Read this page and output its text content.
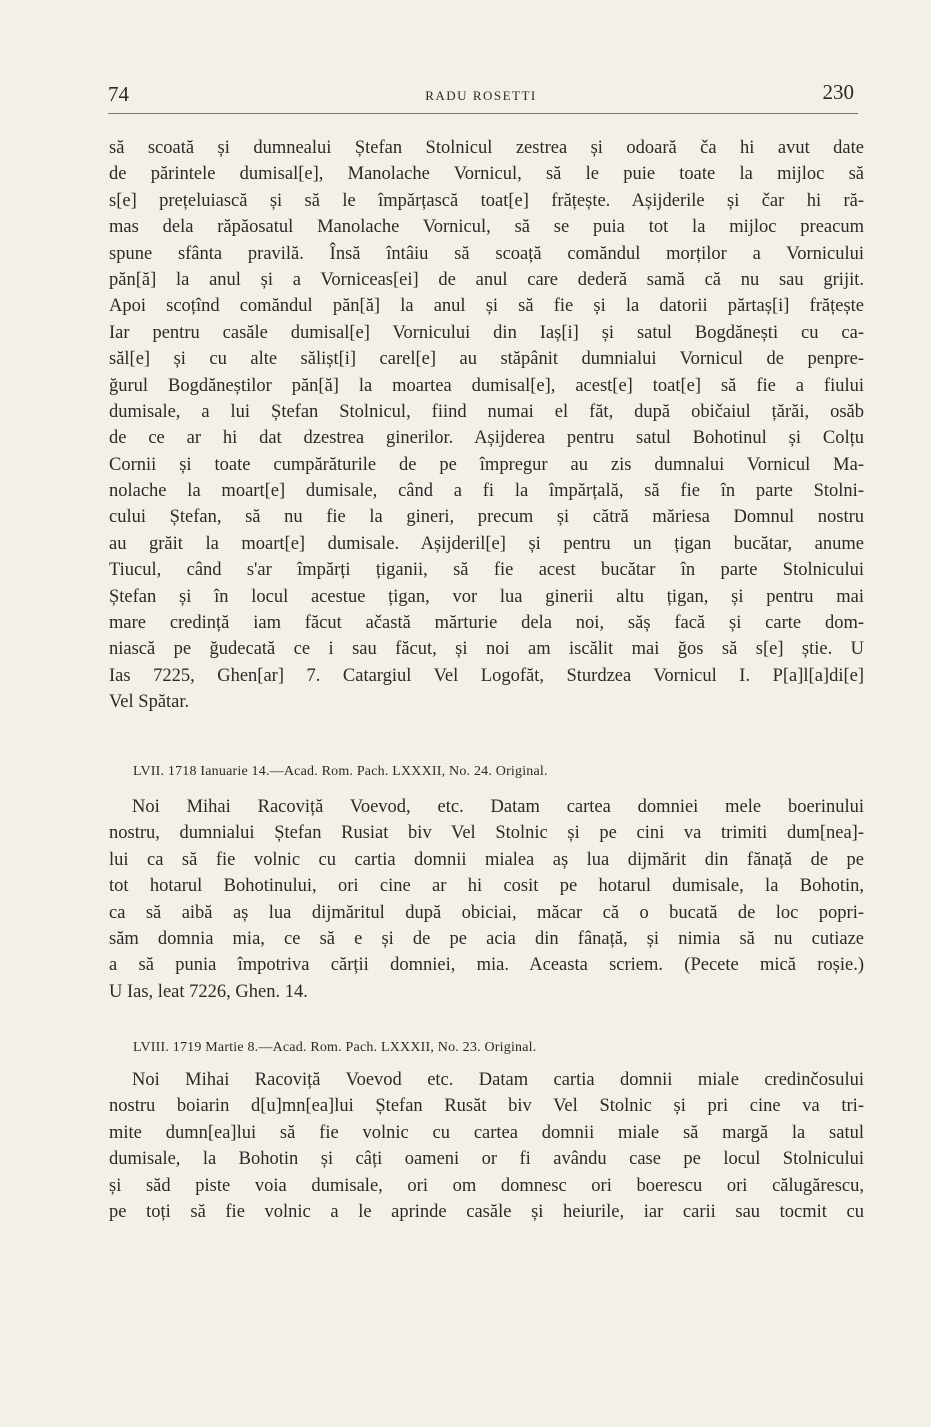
74	RADU ROSETTI	230
să scoată și dumnealui Ștefan Stolnicul zestrea și odoară ča hi avut date
de părintele dumisal[e], Manolache Vornicul, să le puie toate la mijloc să
s[e] prețeluiască și să le împărțască toat[e] frățește. Așijderile și čar hi ră-
mas dela răpăosatul Manolache Vornicul, să se puia tot la mijloc preacum
spune sfânta pravilă. Însă întâiu să scoață comăndul morților a Vornicului
păn[ă] la anul și a Vorniceas[ei] de anul care dederă samă că nu sau grijit.
Apoi scoțînd comăndul păn[ă] la anul și să fie și la datorii părtaș[i] frățește
Iar pentru casăle dumisal[e] Vornicului din Iaș[i] și satul Bogdănești cu ca-
săl[e] și cu alte sălișt[i] carel[e] au stăpânit dumnialui Vornicul de penpre-
ğurul Bogdăneștilor păn[ă] la moartea dumisal[e], acest[e] toat[e] să fie a fiului
dumisale, a lui Ștefan Stolnicul, fiind numai el făt, după običaiul țărăi, osăb
de ce ar hi dat dzestrea ginerilor. Așijderea pentru satul Bohotinul și Colțu
Cornii și toate cumpărăturile de pe împregur au zis dumnalui Vornicul Ma-
nolache la moart[e] dumisale, când a fi la împărțală, să fie în parte Stolni-
cului Ștefan, să nu fie la gineri, precum și cătră măriesa Domnul nostru
au grăit la moart[e] dumisale. Așijderil[e] și pentru un țigan bucătar, anume
Tiucul, când s'ar împărți țiganii, să fie acest bucătar în parte Stolnicului
Ștefan și în locul acestue țigan, vor lua ginerii altu țigan, și pentru mai
mare credință iam făcut ačastă mărturie dela noi, săș facă și carte dom-
niască pe ğudecată ce i sau făcut, și noi am iscălit mai ğos să s[e] știe. U
Ias 7225, Ghen[ar] 7. Catargiul Vel Logofăt, Sturdzea Vornicul I. P[a]l[a]di[e]
Vel Spătar.
LVII. 1718 Ianuarie 14.—Acad. Rom. Pach. LXXXII, No. 24. Original.
Noi Mihai Racoviță Voevod, etc. Datam cartea domniei mele boerinului
nostru, dumnialui Ștefan Rusiat biv Vel Stolnic și pe cini va trimiti dum[nea]-
lui ca să fie volnic cu cartia domnii mialea aș lua dijmărit din fănață de pe
tot hotarul Bohotinului, ori cine ar hi cosit pe hotarul dumisale, la Bohotin,
ca să aibă aș lua dijmăritul după obiciai, măcar că o bucată de loc popri-
săm domnia mia, ce să e și de pe acia din fânață, și nimia să nu cutiaze
a să punia împotriva cărții domniei, mia. Aceasta scriem. (Pecete mică roșie.)
U Ias, leat 7226, Ghen. 14.
LVIII. 1719 Martie 8.—Acad. Rom. Pach. LXXXII, No. 23. Original.
Noi Mihai Racoviță Voevod etc. Datam cartia domnii miale credinčosului
nostru boiarin d[u]mn[ea]lui Ștefan Rusăt biv Vel Stolnic și pri cine va tri-
mite dumn[ea]lui să fie volnic cu cartea domnii miale să margă la satul
dumisale, la Bohotin și câți oameni or fi avându case pe locul Stolnicului
și săd piste voia dumisale, ori om domnesc ori boerescu ori călugărescu,
pe toți să fie volnic a le aprinde casăle și heiurile, iar carii sau tocmit cu
